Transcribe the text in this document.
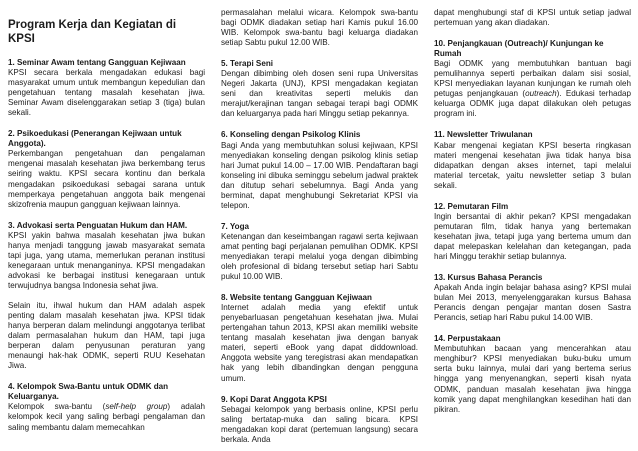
Program Kerja dan Kegiatan di KPSI
1. Seminar Awam tentang Gangguan Kejiwaan

KPSI secara berkala mengadakan edukasi bagi masyarakat umum untuk membangun kepedulian dan pengetahuan tentang masalah kesehatan jiwa. Seminar Awam diselenggarakan setiap 3 (tiga) bulan sekali.

2. Psikoedukasi (Penerangan Kejiwaan untuk Anggota).

Perkembangan pengetahuan dan pengalaman mengenai masalah kesehatan jiwa berkembang terus seiring waktu. KPSI secara kontinu dan berkala mengadakan psikoedukasi sebagai sarana untuk memperkaya pengetahuan anggota baik mengenai skizofrenia maupun gangguan kejiwaan lainnya.

3. Advokasi serta Penguatan Hukum dan HAM.

KPSI yakin bahwa masalah kesehatan jiwa bukan hanya menjadi tanggung jawab masyarakat semata tapi juga, yang utama, memerlukan peranan institusi kenegaraan untuk menanganinya. KPSI mengadakan advokasi ke berbagai institusi kenegaraan untuk terwujudnya bangsa Indonesia sehat jiwa.

Selain itu, ihwal hukum dan HAM adalah aspek penting dalam masalah kesehatan jiwa. KPSI tidak hanya berperan dalam melindungi anggotanya terlibat dalam permasalahan hukum dan HAM, tapi juga berperan dalam penyusunan peraturan yang menaungi hak-hak ODMK, seperti RUU Kesehatan Jiwa.

4. Kelompok Swa-Bantu untuk ODMK dan Keluarganya.

Kelompok swa-bantu (self-help group) adalah kelompok kecil yang saling berbagi pengalaman dan saling membantu dalam memecahkan

permasalahan melalui wicara. Kelompok swa-bantu bagi ODMK diadakan setiap hari Kamis pukul 16.00 WIB. Kelompok swa-bantu bagi keluarga diadakan setiap Sabtu pukul 12.00 WIB.

5. Terapi Seni

Dengan dibimbing oleh dosen seni rupa Universitas Negeri Jakarta (UNJ), KPSI mengadakan kegiatan seni dan kreativitas seperti melukis dan merajut/kerajinan tangan sebagai terapi bagi ODMK dan keluarganya pada hari Minggu setiap pekannya.

6. Konseling dengan Psikolog Klinis

Bagi Anda yang membutuhkan solusi kejiwaan, KPSI menyediakan konseling dengan psikolog klinis setiap hari Jumat pukul 14.00 – 17.00 WIB. Pendaftaran bagi konseling ini dibuka seminggu sebelum jadwal praktek dan ditutup sehari sebelumnya. Bagi Anda yang berminat, dapat menghubungi Sekretariat KPSI via telepon.

7. Yoga

Ketenangan dan keseimbangan ragawi serta kejiwaan amat penting bagi perjalanan pemulihan ODMK. KPSI menyediakan terapi melalui yoga dengan dibimbing oleh profesional di bidang tersebut setiap hari Sabtu pukul 10.00 WIB.

8. Website tentang Gangguan Kejiwaan

Internet adalah media yang efektif untuk penyebarluasan pengetahuan kesehatan jiwa. Mulai pertengahan tahun 2013, KPSI akan memiliki website tentang masalah kesehatan jiwa dengan banyak materi, seperti eBook yang dapat diddownload. Anggota website yang teregistrasi akan mendapatkan hak yang lebih dibandingkan dengan pengguna umum.

9. Kopi Darat Anggota KPSI

Sebagai kelompok yang berbasis online, KPSI perlu saling bertatap-muka dan saling bicara. KPSI mengadakan kopi darat (pertemuan langsung) secara berkala. Anda

dapat menghubungi staf di KPSI untuk setiap jadwal pertemuan yang akan diadakan.

10. Penjangkauan (Outreach)/ Kunjungan ke Rumah

Bagi ODMK yang membutuhkan bantuan bagi pemulihannya seperti perbaikan dalam sisi sosial, KPSI menyediakan layanan kunjungan ke rumah oleh petugas penjangkauan (outreach). Edukasi terhadap keluarga ODMK juga dapat dilakukan oleh petugas program ini.

11. Newsletter Triwulanan

Kabar mengenai kegiatan KPSI beserta ringkasan materi mengenai kesehatan jiwa tidak hanya bisa didapatkan dengan akses internet, tapi melalui material tercetak, yaitu newsletter setiap 3 bulan sekali.

12. Pemutaran Film

Ingin bersantai di akhir pekan? KPSI mengadakan pemutaran film, tidak hanya yang bertemakan kesehatan jiwa, tetapi juga yang bertema umum dan dapat melepaskan kelelahan dan ketegangan, pada hari Minggu terakhir setiap bulannya.

13. Kursus Bahasa Perancis

Apakah Anda ingin belajar bahasa asing? KPSI mulai bulan Mei 2013, menyelenggarakan kursus Bahasa Perancis dengan pengajar mantan dosen Sastra Perancis, setiap hari Rabu pukul 14.00 WIB.

14. Perpustakaan

Membutuhkan bacaan yang mencerahkan atau menghibur? KPSI menyediakan buku-buku umum serta buku lainnya, mulai dari yang bertema serius hingga yang menyenangkan, seperti kisah nyata ODMK, panduan masalah kesehatan jiwa hingga komik yang dapat menghilangkan kesedihan hati dan pikiran.
